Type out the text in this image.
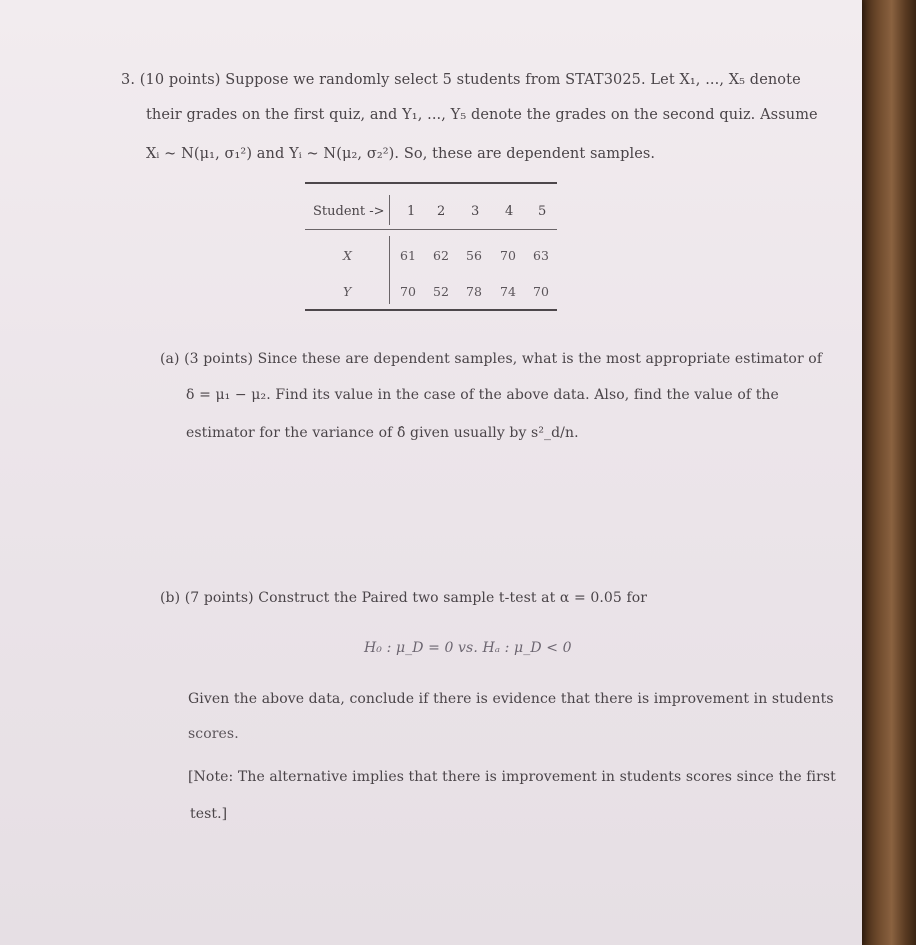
3. (10 points) Suppose we randomly select 5 students from STAT3025. Let X₁, ..., X₅ denote
their grades on the first quiz, and Y₁, ..., Y₅ denote the grades on the second quiz. Assume
Xᵢ ~ N(μ₁, σ₁²) and Yᵢ ~ N(μ₂, σ₂²). So, these are dependent samples.
Student -> 1 2 3 4 5
X	61 62 56 70 63
Y	70 52 78 74 70
(a) (3 points) Since these are dependent samples, what is the most appropriate estimator of
δ = μ₁ − μ₂. Find its value in the case of the above data. Also, find the value of the
estimator for the variance of δ̂ given usually by s²_d/n.
(b) (7 points) Construct the Paired two sample t-test at α = 0.05 for
H₀ : μ_D = 0 vs. Hₐ : μ_D < 0
Given the above data, conclude if there is evidence that there is improvement in students
scores.
[Note: The alternative implies that there is improvement in students scores since the first
test.]
